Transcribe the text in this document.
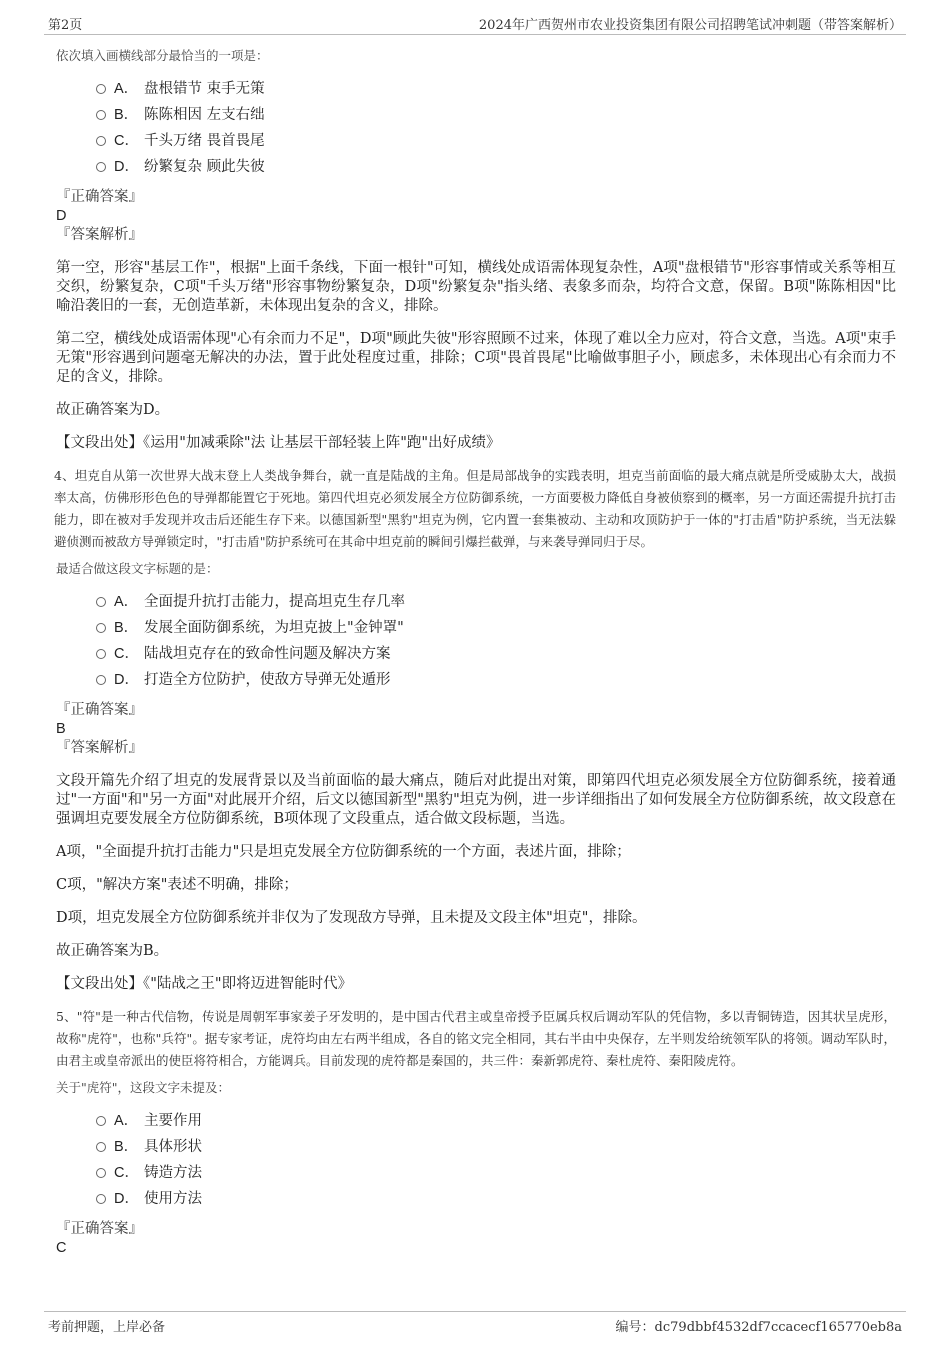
第2页	2024年广西贺州市农业投资集团有限公司招聘笔试冲刺题（带答案解析）

依次填入画横线部分最恰当的一项是：

A． 盘根错节 束手无策
B． 陈陈相因 左支右绌
C． 千头万绪 畏首畏尾
D． 纷繁复杂 顾此失彼

『正确答案』

D

『答案解析』

第一空，形容"基层工作"，根据"上面千条线，下面一根针"可知，横线处成语需体现复杂性，A项"盘根错节"形容事情或关系等相互交织，纷繁复杂，C项"千头万绪"形容事物纷繁复杂，D项"纷繁复杂"指头绪、表象多而杂，均符合文意，保留。B项"陈陈相因"比喻沿袭旧的一套，无创造革新，未体现出复杂的含义，排除。

第二空，横线处成语需体现"心有余而力不足"，D项"顾此失彼"形容照顾不过来，体现了难以全力应对，符合文意，当选。A项"束手无策"形容遇到问题毫无解决的办法，置于此处程度过重，排除；C项"畏首畏尾"比喻做事胆子小，顾虑多，未体现出心有余而力不足的含义，排除。

故正确答案为D。

【文段出处】《运用"加减乘除"法 让基层干部轻装上阵"跑"出好成绩》

4、坦克自从第一次世界大战末登上人类战争舞台，就一直是陆战的主角。但是局部战争的实践表明，坦克当前面临的最大痛点就是所受威胁太大，战损率太高，仿佛形形色色的导弹都能置它于死地。第四代坦克必须发展全方位防御系统，一方面要极力降低自身被侦察到的概率，另一方面还需提升抗打击能力，即在被对手发现并攻击后还能生存下来。以德国新型"黑豹"坦克为例，它内置一套集被动、主动和攻顶防护于一体的"打击盾"防护系统，当无法躲避侦测而被敌方导弹锁定时，"打击盾"防护系统可在其命中坦克前的瞬间引爆拦截弹，与来袭导弹同归于尽。

最适合做这段文字标题的是：

A． 全面提升抗打击能力，提高坦克生存几率
B． 发展全面防御系统，为坦克披上"金钟罩"
C． 陆战坦克存在的致命性问题及解决方案
D． 打造全方位防护，使敌方导弹无处遁形

『正确答案』

B

『答案解析』

文段开篇先介绍了坦克的发展背景以及当前面临的最大痛点，随后对此提出对策，即第四代坦克必须发展全方位防御系统，接着通过"一方面"和"另一方面"对此展开介绍，后文以德国新型"黑豹"坦克为例，进一步详细指出了如何发展全方位防御系统，故文段意在强调坦克要发展全方位防御系统，B项体现了文段重点，适合做文段标题，当选。

A项，"全面提升抗打击能力"只是坦克发展全方位防御系统的一个方面，表述片面，排除；

C项，"解决方案"表述不明确，排除；

D项，坦克发展全方位防御系统并非仅为了发现敌方导弹，且未提及文段主体"坦克"，排除。

故正确答案为B。

【文段出处】《"陆战之王"即将迈进智能时代》

5、"符"是一种古代信物，传说是周朝军事家姜子牙发明的，是中国古代君主或皇帝授予臣属兵权后调动军队的凭信物，多以青铜铸造，因其状呈虎形，故称"虎符"，也称"兵符"。据专家考证，虎符均由左右两半组成，各自的铭文完全相同，其右半由中央保存，左半则发给统领军队的将领。调动军队时，由君主或皇帝派出的使臣将符相合，方能调兵。目前发现的虎符都是秦国的，共三件：秦新郭虎符、秦杜虎符、秦阳陵虎符。

关于"虎符"，这段文字未提及：

A． 主要作用
B． 具体形状
C． 铸造方法
D． 使用方法

『正确答案』

C

考前押题，上岸必备	编号：dc79dbbf4532df7ccacecf165770eb8a
